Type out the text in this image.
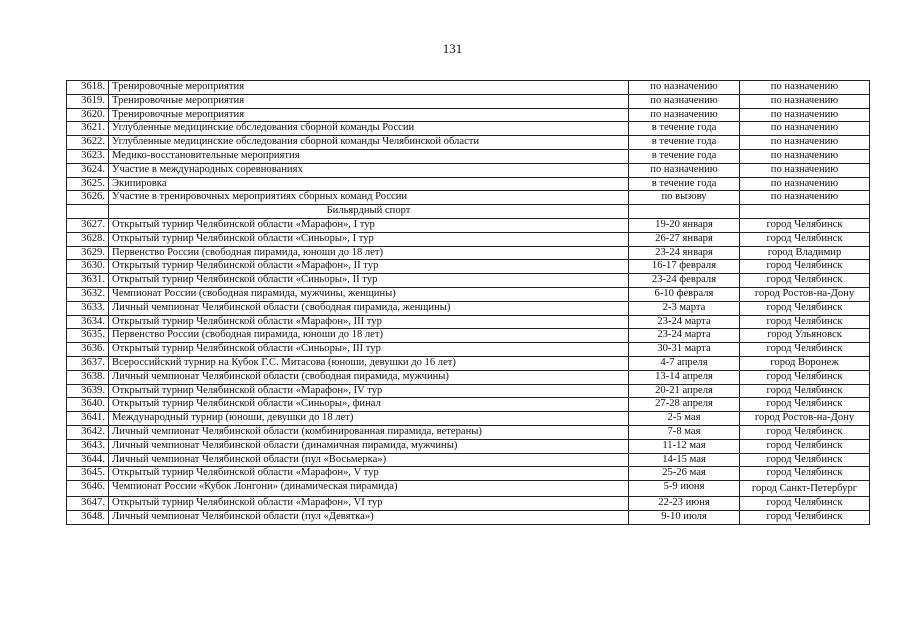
131
3618.	Тренировочные мероприятия	по назначению	по назначению
3619.	Тренировочные мероприятия	по назначению	по назначению
3620.	Тренировочные мероприятия	по назначению	по назначению
3621.	Углубленные медицинские обследования сборной команды России	в течение года	по назначению
3622.	Углубленные медицинские обследования сборной команды Челябинской области	в течение года	по назначению
3623.	Медико-восстановительные мероприятия	в течение года	по назначению
3624.	Участие в международных соревнованиях	по назначению	по назначению
3625.	Экипировка	в течение года	по назначению
3626.	Участие в тренировочных мероприятиях сборных команд России	по вызову	по назначению
	Бильярдный спорт		
3627.	Открытый турнир Челябинской области «Марафон», I тур	19-20 января	город Челябинск
3628.	Открытый турнир Челябинской области «Синьоры», I тур	26-27 января	город Челябинск
3629.	Первенство России (свободная пирамида, юноши до 18 лет)	23-24 января	город Владимир
3630.	Открытый турнир Челябинской области «Марафон», II тур	16-17 февраля	город Челябинск
3631.	Открытый турнир Челябинской области «Синьоры», II тур	23-24 февраля	город Челябинск
3632.	Чемпионат России (свободная пирамида, мужчины, женщины)	6-10 февраля	город Ростов-на-Дону
3633.	Личный чемпионат Челябинской области (свободная пирамида, женщины)	2-3 марта	город Челябинск
3634.	Открытый турнир Челябинской области «Марафон», III тур	23-24 марта	город Челябинск
3635.	Первенство России (свободная пирамида, юноши до 18 лет)	23-24 марта	город Ульяновск
3636.	Открытый турнир Челябинской области «Синьоры», III тур	30-31 марта	город Челябинск
3637.	Всероссийский турнир на Кубок Г.С. Митасова (юноши, девушки до 16 лет)	4-7 апреля	город Воронеж
3638.	Личный чемпионат Челябинской области (свободная пирамида, мужчины)	13-14 апреля	город Челябинск
3639.	Открытый турнир Челябинской области «Марафон», IV тур	20-21 апреля	город Челябинск
3640.	Открытый турнир Челябинской области «Синьоры», финал	27-28 апреля	город Челябинск
3641.	Международный турнир (юноши, девушки до 18 лет)	2-5 мая	город Ростов-на-Дону
3642.	Личный чемпионат Челябинской области (комбинированная пирамида, ветераны)	7-8 мая	город Челябинск
3643.	Личный чемпионат Челябинской области (динамичная пирамида, мужчины)	11-12 мая	город Челябинск
3644.	Личный чемпионат Челябинской области (пул «Восьмерка»)	14-15 мая	город Челябинск
3645.	Открытый турнир Челябинской области «Марафон», V тур	25-26 мая	город Челябинск
3646.	Чемпионат России «Кубок Лонгони» (динамическая пирамида)	5-9 июня	город Санкт-Петербург
3647.	Открытый турнир Челябинской области «Марафон», VI тур	22-23 июня	город Челябинск
3648.	Личный чемпионат Челябинской области (пул «Девятка»)	9-10 июля	город Челябинск
